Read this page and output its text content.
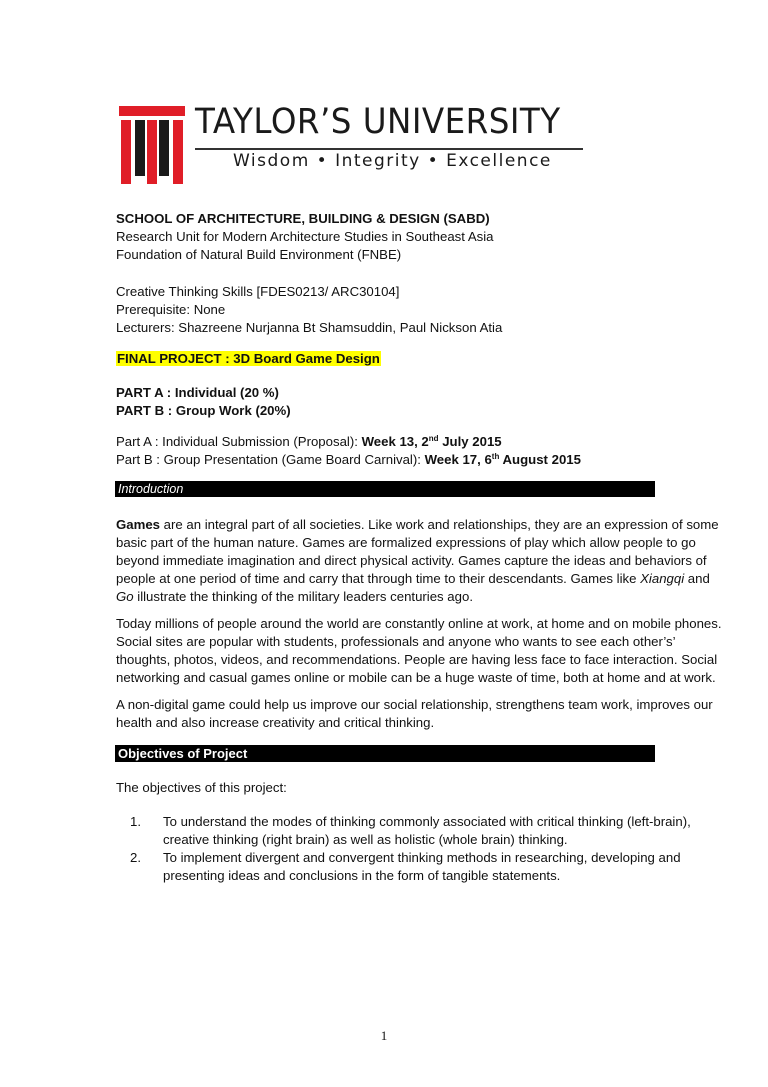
TAYLOR’S UNIVERSITY
Wisdom • Integrity • Excellence
SCHOOL OF ARCHITECTURE, BUILDING & DESIGN (SABD)
Research Unit for Modern Architecture Studies in Southeast Asia
Foundation of Natural Build Environment (FNBE)
Creative Thinking Skills [FDES0213/ ARC30104]
Prerequisite: None
Lecturers: Shazreene Nurjanna Bt Shamsuddin, Paul Nickson Atia
FINAL PROJECT : 3D Board Game Design
PART A : Individual (20 %)
PART B : Group Work (20%)
Part A : Individual Submission (Proposal): Week 13, 2nd July 2015
Part B : Group Presentation (Game Board Carnival): Week 17, 6th August 2015
Introduction
Games are an integral part of all societies. Like work and relationships, they are an expression of some
basic part of the human nature. Games are formalized expressions of play which allow people to go
beyond immediate imagination and direct physical activity. Games capture the ideas and behaviors of
people at one period of time and carry that through time to their descendants. Games like Xiangqi and
Go illustrate the thinking of the military leaders centuries ago.
Today millions of people around the world are constantly online at work, at home and on mobile phones.
Social sites are popular with students, professionals and anyone who wants to see each other’s’
thoughts, photos, videos, and recommendations. People are having less face to face interaction. Social
networking and casual games online or mobile can be a huge waste of time, both at home and at work.
A non-digital game could help us improve our social relationship, strengthens team work, improves our
health and also increase creativity and critical thinking.
Objectives of Project
The objectives of this project:
1. To understand the modes of thinking commonly associated with critical thinking (left-brain),
creative thinking (right brain) as well as holistic (whole brain) thinking.
2. To implement divergent and convergent thinking methods in researching, developing and
presenting ideas and conclusions in the form of tangible statements.
1
